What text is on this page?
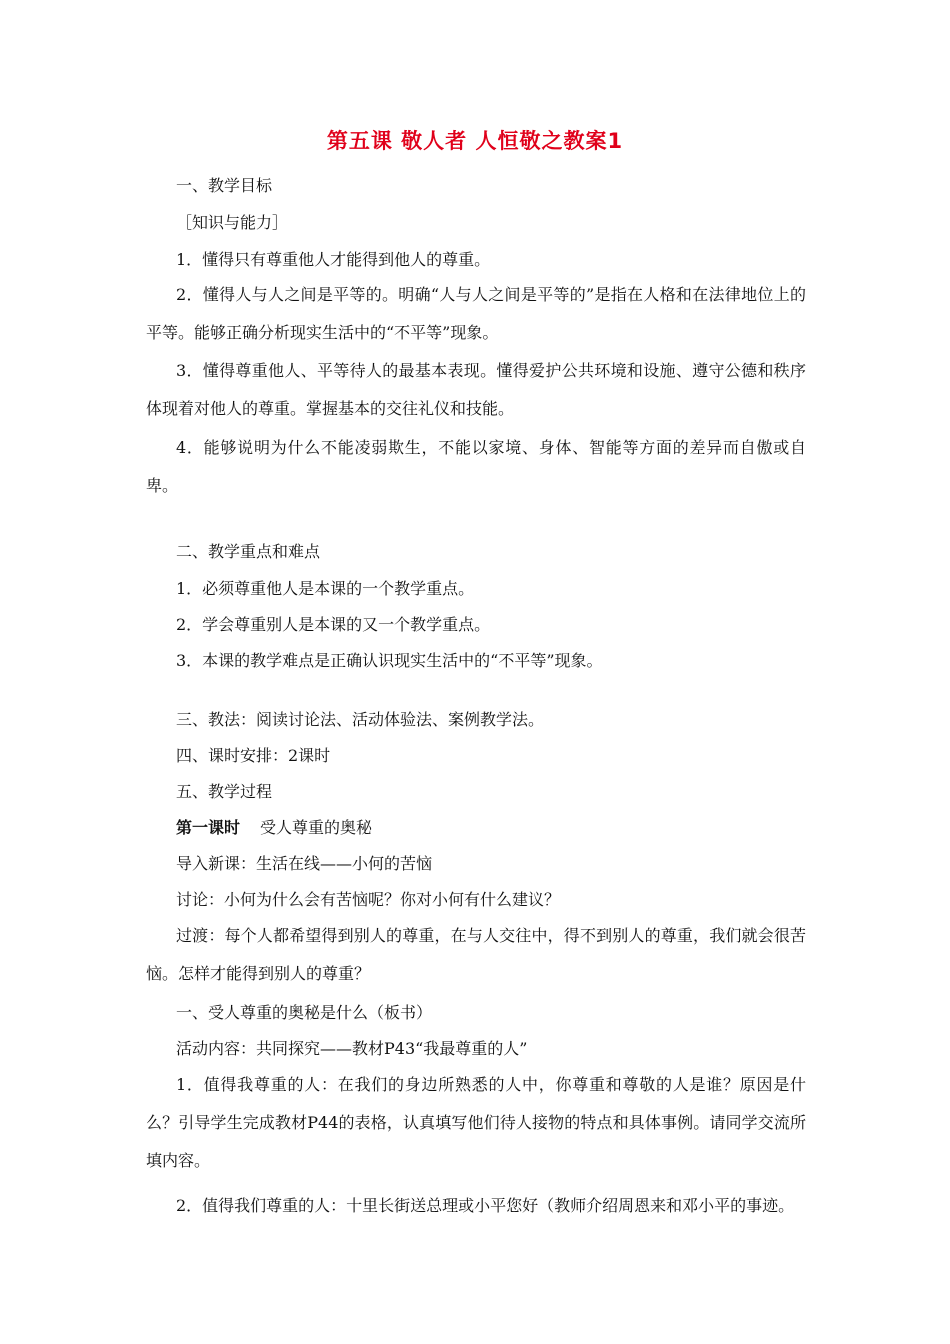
第五课 敬人者 人恒敬之教案1
一、教学目标
［知识与能力］
1．懂得只有尊重他人才能得到他人的尊重。
2．懂得人与人之间是平等的。明确“人与人之间是平等的”是指在人格和在法律地位上的平等。能够正确分析现实生活中的“不平等”现象。
3．懂得尊重他人、平等待人的最基本表现。懂得爱护公共环境和设施、遵守公德和秩序体现着对他人的尊重。掌握基本的交往礼仪和技能。
4．能够说明为什么不能凌弱欺生，不能以家境、身体、智能等方面的差异而自傲或自卑。
二、教学重点和难点
1．必须尊重他人是本课的一个教学重点。
2．学会尊重别人是本课的又一个教学重点。
3．本课的教学难点是正确认识现实生活中的“不平等”现象。
三、教法：阅读讨论法、活动体验法、案例教学法。
四、课时安排：2课时
五、教学过程
第一课时 受人尊重的奥秘
导入新课：生活在线——小何的苦恼
讨论：小何为什么会有苦恼呢？你对小何有什么建议？
过渡：每个人都希望得到别人的尊重，在与人交往中，得不到别人的尊重，我们就会很苦恼。怎样才能得到别人的尊重？
一、受人尊重的奥秘是什么（板书）
活动内容：共同探究——教材P43“我最尊重的人”
1．值得我尊重的人：在我们的身边所熟悉的人中，你尊重和尊敬的人是谁？原因是什么？引导学生完成教材P44的表格，认真填写他们待人接物的特点和具体事例。请同学交流所填内容。
2．值得我们尊重的人：十里长街送总理或小平您好（教师介绍周恩来和邓小平的事迹。
